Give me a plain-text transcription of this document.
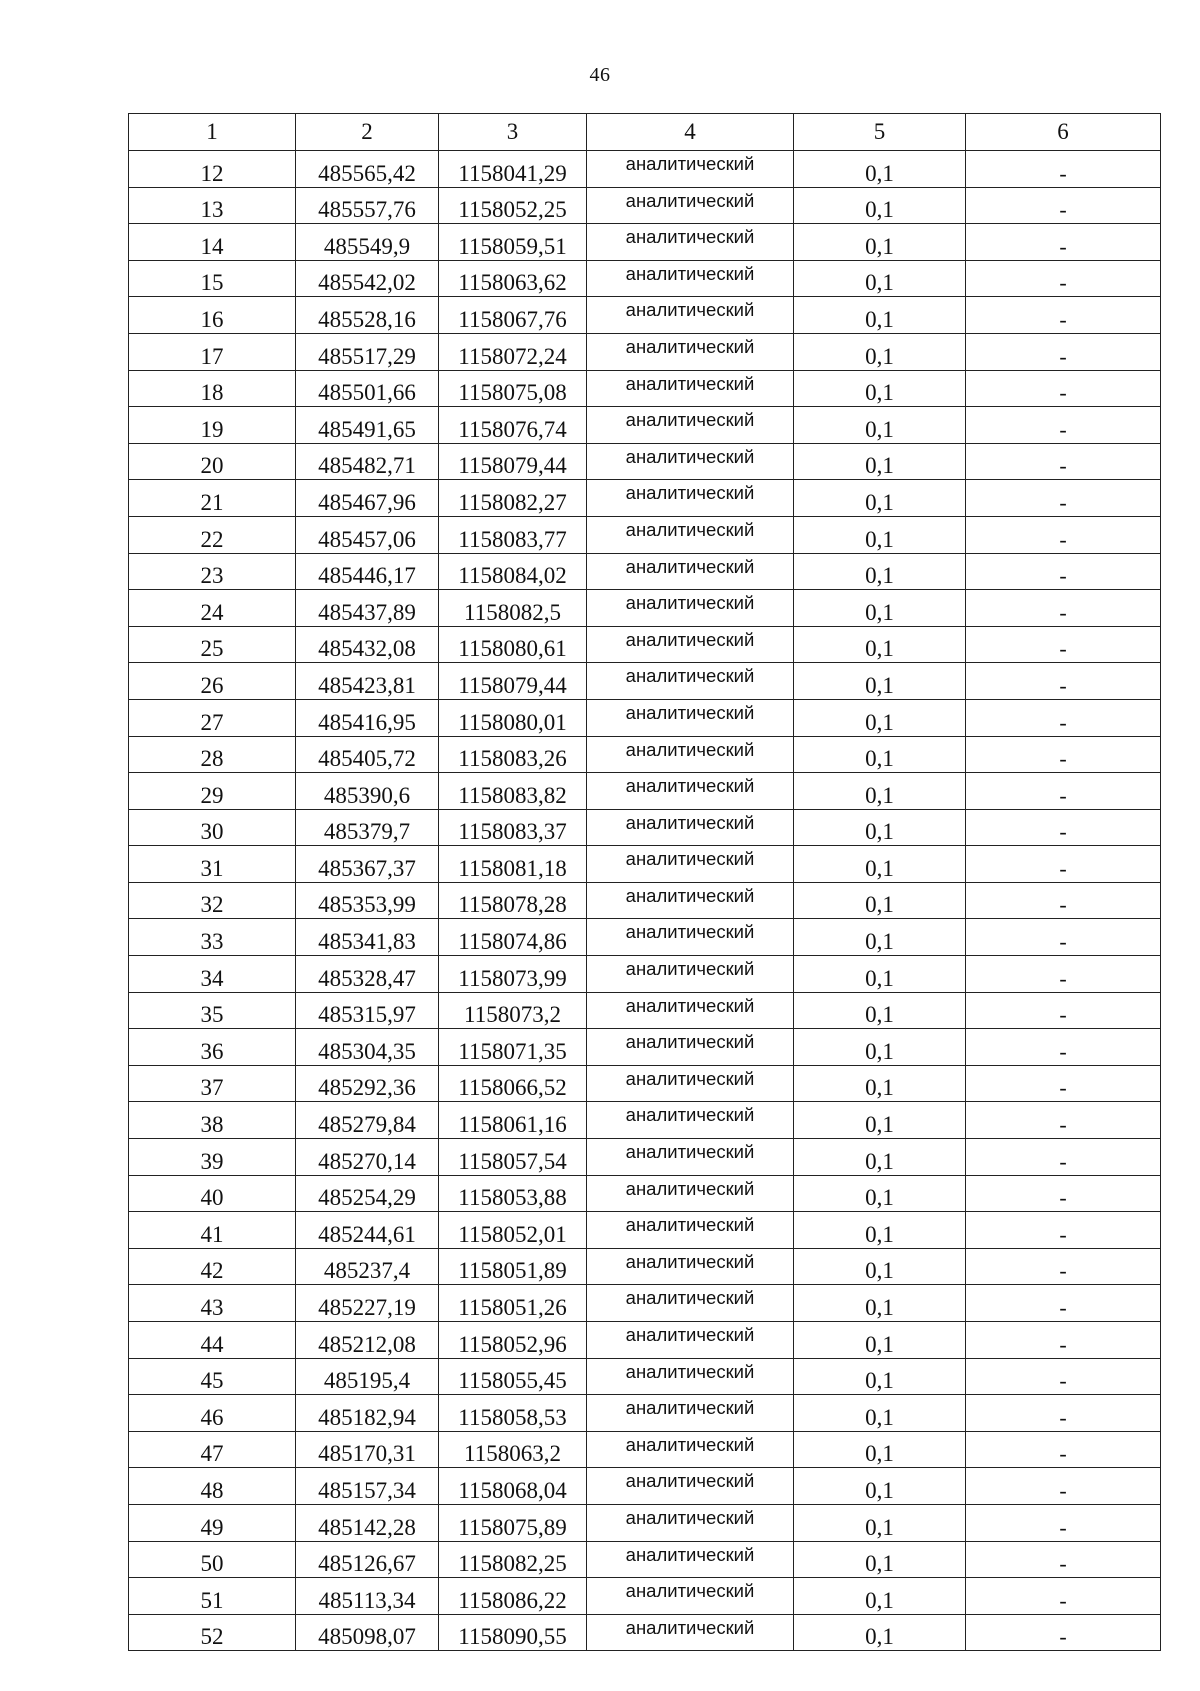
46
1	2	3	4	5	6
12	485565,42	1158041,29	аналитический	0,1	-
13	485557,76	1158052,25	аналитический	0,1	-
14	485549,9	1158059,51	аналитический	0,1	-
15	485542,02	1158063,62	аналитический	0,1	-
16	485528,16	1158067,76	аналитический	0,1	-
17	485517,29	1158072,24	аналитический	0,1	-
18	485501,66	1158075,08	аналитический	0,1	-
19	485491,65	1158076,74	аналитический	0,1	-
20	485482,71	1158079,44	аналитический	0,1	-
21	485467,96	1158082,27	аналитический	0,1	-
22	485457,06	1158083,77	аналитический	0,1	-
23	485446,17	1158084,02	аналитический	0,1	-
24	485437,89	1158082,5	аналитический	0,1	-
25	485432,08	1158080,61	аналитический	0,1	-
26	485423,81	1158079,44	аналитический	0,1	-
27	485416,95	1158080,01	аналитический	0,1	-
28	485405,72	1158083,26	аналитический	0,1	-
29	485390,6	1158083,82	аналитический	0,1	-
30	485379,7	1158083,37	аналитический	0,1	-
31	485367,37	1158081,18	аналитический	0,1	-
32	485353,99	1158078,28	аналитический	0,1	-
33	485341,83	1158074,86	аналитический	0,1	-
34	485328,47	1158073,99	аналитический	0,1	-
35	485315,97	1158073,2	аналитический	0,1	-
36	485304,35	1158071,35	аналитический	0,1	-
37	485292,36	1158066,52	аналитический	0,1	-
38	485279,84	1158061,16	аналитический	0,1	-
39	485270,14	1158057,54	аналитический	0,1	-
40	485254,29	1158053,88	аналитический	0,1	-
41	485244,61	1158052,01	аналитический	0,1	-
42	485237,4	1158051,89	аналитический	0,1	-
43	485227,19	1158051,26	аналитический	0,1	-
44	485212,08	1158052,96	аналитический	0,1	-
45	485195,4	1158055,45	аналитический	0,1	-
46	485182,94	1158058,53	аналитический	0,1	-
47	485170,31	1158063,2	аналитический	0,1	-
48	485157,34	1158068,04	аналитический	0,1	-
49	485142,28	1158075,89	аналитический	0,1	-
50	485126,67	1158082,25	аналитический	0,1	-
51	485113,34	1158086,22	аналитический	0,1	-
52	485098,07	1158090,55	аналитический	0,1	-
